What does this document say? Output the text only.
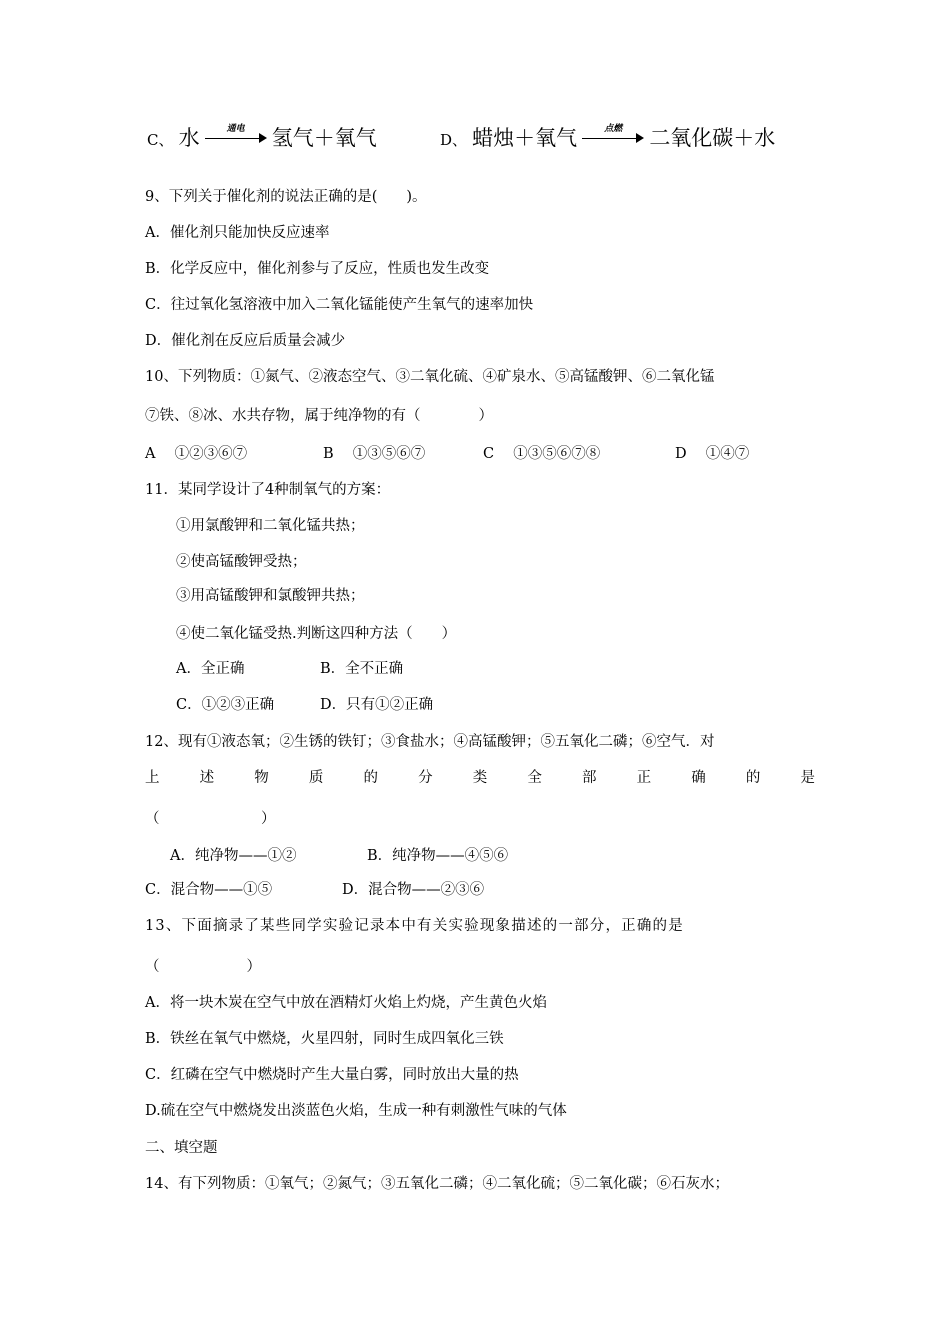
C、 水	通电	氢气＋氧气	D、 蜡烛＋氧气	点燃	二氧化碳＋水
9、下列关于催化剂的说法正确的是(　　)。
A．催化剂只能加快反应速率
B．化学反应中，催化剂参与了反应，性质也发生改变
C．往过氧化氢溶液中加入二氧化锰能使产生氧气的速率加快
D．催化剂在反应后质量会减少
10、下列物质：①氮气、②液态空气、③二氧化硫、④矿泉水、⑤高锰酸钾、⑥二氧化锰
⑦铁、⑧冰、水共存物，属于纯净物的有（　　　　）
A　 ①②③⑥⑦	B　 ①③⑤⑥⑦	C　 ①③⑤⑥⑦⑧	D　 ①④⑦
11．某同学设计了4种制氧气的方案：
①用氯酸钾和二氧化锰共热；
②使高锰酸钾受热；
③用高锰酸钾和氯酸钾共热；
④使二氧化锰受热.判断这四种方法（　　）
A．全正确	B．全不正确
C．①②③正确	D．只有①②正确
12、现有①液态氧；②生锈的铁钉；③食盐水；④高锰酸钾；⑤五氧化二磷；⑥空气．对
上	述	物	质	的	分	类	全	部	正	确	的	是
（　　　　　　　）
A．纯净物——①②	B．纯净物——④⑤⑥
C．混合物——①⑤	D．混合物——②③⑥
13、下面摘录了某些同学实验记录本中有关实验现象描述的一部分，正确的是
（　　　　　　）
A．将一块木炭在空气中放在酒精灯火焰上灼烧，产生黄色火焰
B．铁丝在氧气中燃烧，火星四射，同时生成四氧化三铁
C．红磷在空气中燃烧时产生大量白雾，同时放出大量的热
D.硫在空气中燃烧发出淡蓝色火焰，生成一种有刺激性气味的气体
二、填空题
14、有下列物质：①氧气；②氮气；③五氧化二磷；④二氧化硫；⑤二氧化碳；⑥石灰水；
